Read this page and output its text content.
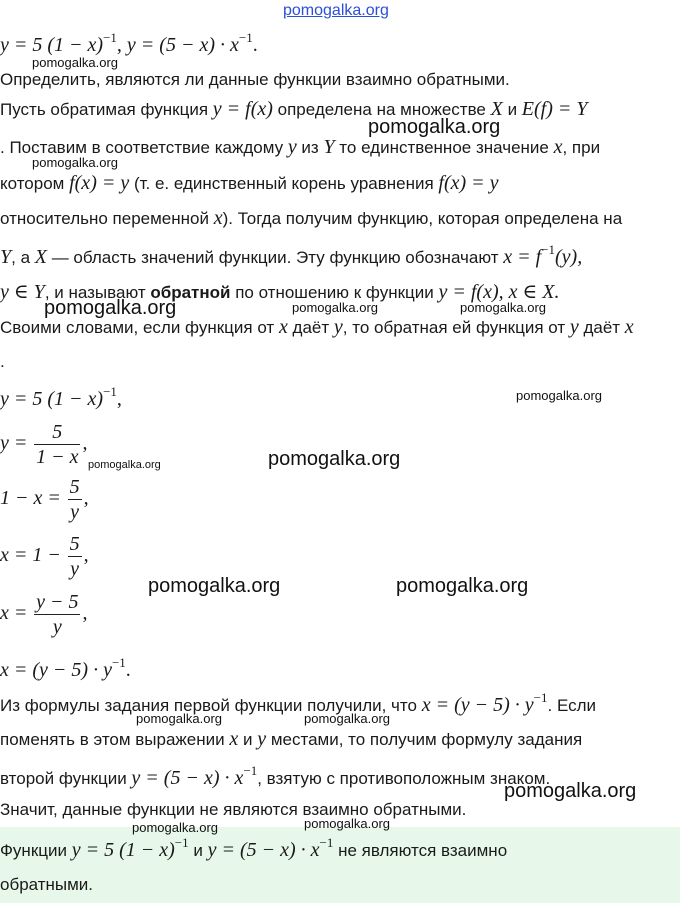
pomogalka.org
y = 5 $(1 - x)^{-1}$, $y = (5 - x) \cdot x^{-1}$.
pomogalka.org
Определить, являются ли данные функции взаимно обратными.
Пусть обратимая функция y = f(x) определена на множестве X и E(f) = Y
pomogalka.org
. Поставим в соответствие каждому y из Y то единственное значение x, при
pomogalka.org
котором f(x) = y (т. е. единственный корень уравнения f(x) = y
относительно переменной x). Тогда получим функцию, которая определена на
Y, а X — область значений функции. Эту функцию обозначают $x = f^{-1}(y)$,
y ∈ Y, и называют обратной по отношению к функции y = f(x), x ∈ X.
pomogalka.org	pomogalka.org	pomogalka.org
Своими словами, если функция от x даёт y, то обратная ей функция от y даёт x
.
y = 5 $(1 - x)^{-1}$,	pomogalka.org
$y = \frac{5}{1 - x}$ ,
pomogalka.org	pomogalka.org
$1 - x = \frac{5}{y}$ ,
$x = 1 - \frac{5}{y}$ ,
pomogalka.org	pomogalka.org
$x = \frac{y - 5}{y}$ ,
$x = (y - 5) \cdot y^{-1}$.
Из формулы задания первой функции получили, что $x = (y - 5) \cdot y^{-1}$. Если
pomogalka.org	pomogalka.org
поменять в этом выражении x и y местами, то получим формулу задания
второй функции $y = (5 - x) \cdot x^{-1}$, взятую с противоположным знаком.
pomogalka.org
Значит, данные функции не являются взаимно обратными.
Функции y = 5 $(1 - x)^{-1}$ и $y = (5 - x) \cdot x^{-1}$ не являются взаимно
обратными.
pomogalka.org	pomogalka.org
